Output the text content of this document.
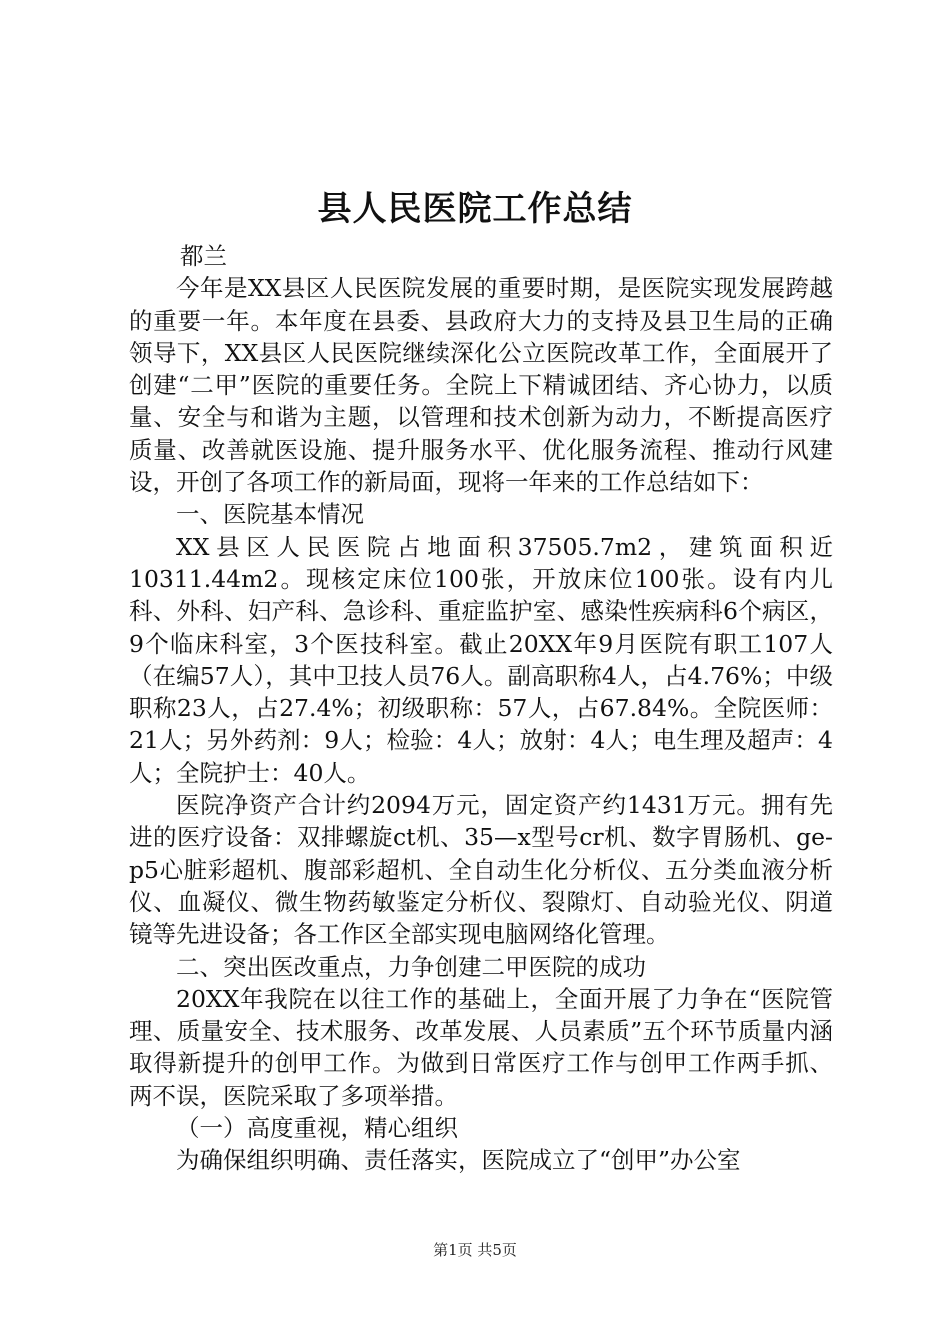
县人民医院工作总结

都兰

今年是XX县区人民医院发展的重要时期，是医院实现发展跨越的重要一年。本年度在县委、县政府大力的支持及县卫生局的正确领导下，XX县区人民医院继续深化公立医院改革工作，全面展开了创建“二甲”医院的重要任务。全院上下精诚团结、齐心协力，以质量、安全与和谐为主题，以管理和技术创新为动力，不断提高医疗质量、改善就医设施、提升服务水平、优化服务流程、推动行风建设，开创了各项工作的新局面，现将一年来的工作总结如下：

一、医院基本情况

XX县区人民医院占地面积37505.7m2，建筑面积近10311.44m2。现核定床位100张，开放床位100张。设有内儿科、外科、妇产科、急诊科、重症监护室、感染性疾病科6个病区，9个临床科室，3个医技科室。截止20XX年9月医院有职工107人（在编57人），其中卫技人员76人。副高职称4人，占4.76%；中级职称23人，占27.4%；初级职称：57人，占67.84%。全院医师：21人；另外药剂：9人；检验：4人；放射：4人；电生理及超声：4人；全院护士：40人。

医院净资产合计约2094万元，固定资产约1431万元。拥有先进的医疗设备：双排螺旋ct机、35—x型号cr机、数字胃肠机、ge-p5心脏彩超机、腹部彩超机、全自动生化分析仪、五分类血液分析仪、血凝仪、微生物药敏鉴定分析仪、裂隙灯、自动验光仪、阴道镜等先进设备；各工作区全部实现电脑网络化管理。

二、突出医改重点，力争创建二甲医院的成功

20XX年我院在以往工作的基础上，全面开展了力争在“医院管理、质量安全、技术服务、改革发展、人员素质”五个环节质量内涵取得新提升的创甲工作。为做到日常医疗工作与创甲工作两手抓、两不误，医院采取了多项举措。

（一）高度重视，精心组织

为确保组织明确、责任落实，医院成立了“创甲”办公室

第1页 共5页
